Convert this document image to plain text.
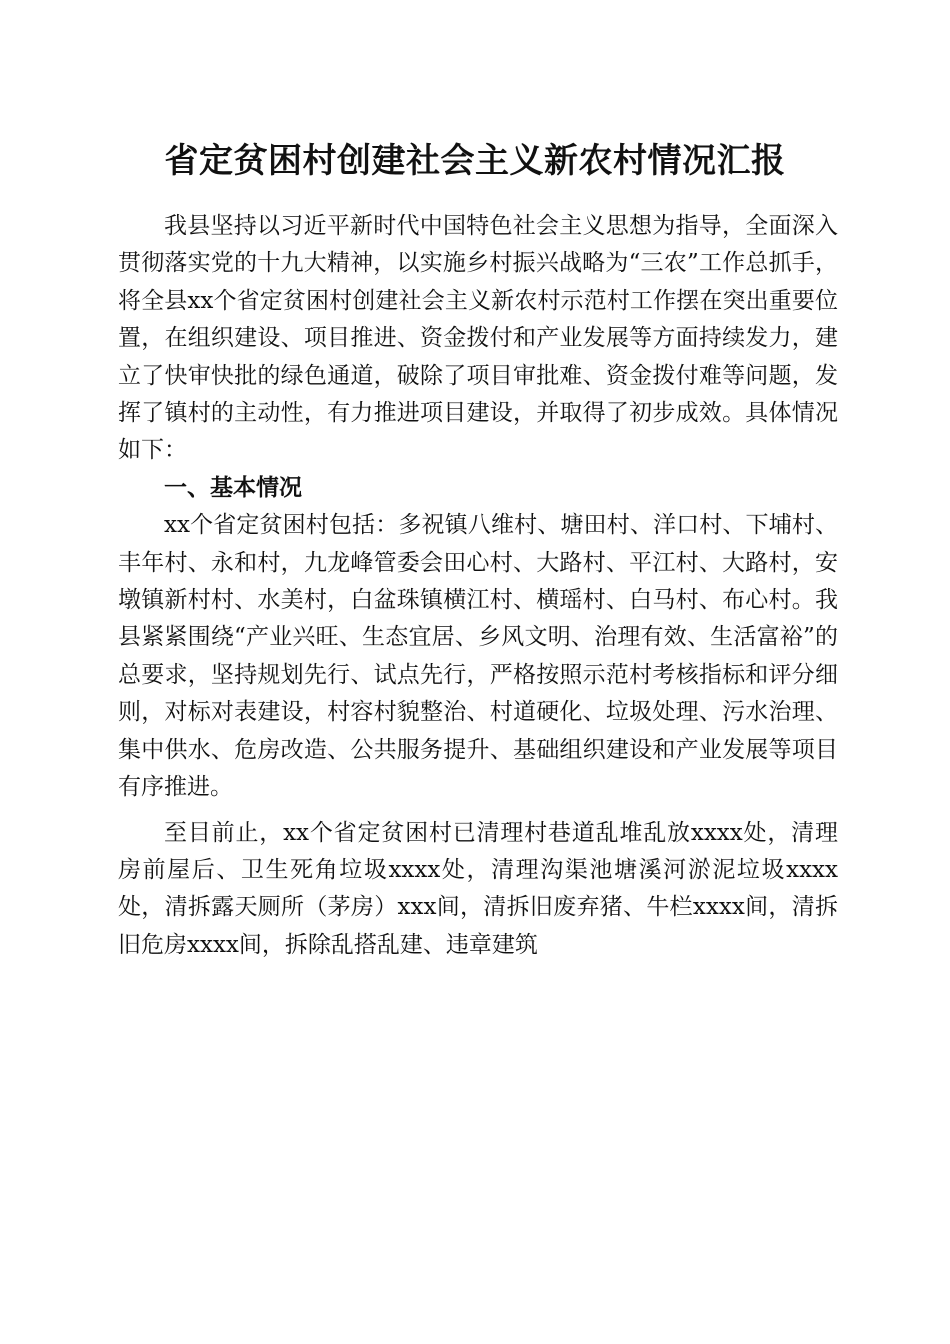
省定贫困村创建社会主义新农村情况汇报

我县坚持以习近平新时代中国特色社会主义思想为指导，全面深入贯彻落实党的十九大精神，以实施乡村振兴战略为“三农”工作总抓手，将全县xx个省定贫困村创建社会主义新农村示范村工作摆在突出重要位置，在组织建设、项目推进、资金拨付和产业发展等方面持续发力，建立了快审快批的绿色通道，破除了项目审批难、资金拨付难等问题，发挥了镇村的主动性，有力推进项目建设，并取得了初步成效。具体情况如下：

一、基本情况

xx个省定贫困村包括：多祝镇八维村、塘田村、洋口村、下埔村、丰年村、永和村，九龙峰管委会田心村、大路村、平江村、大路村，安墩镇新村村、水美村，白盆珠镇横江村、横瑶村、白马村、布心村。我县紧紧围绕“产业兴旺、生态宜居、乡风文明、治理有效、生活富裕”的总要求，坚持规划先行、试点先行，严格按照示范村考核指标和评分细则，对标对表建设，村容村貌整治、村道硬化、垃圾处理、污水治理、集中供水、危房改造、公共服务提升、基础组织建设和产业发展等项目有序推进。

至目前止，xx个省定贫困村已清理村巷道乱堆乱放xxxx处，清理房前屋后、卫生死角垃圾xxxx处，清理沟渠池塘溪河淤泥垃圾xxxx处，清拆露天厕所（茅房）xxx间，清拆旧废弃猪、牛栏xxxx间，清拆旧危房xxxx间，拆除乱搭乱建、违章建筑
